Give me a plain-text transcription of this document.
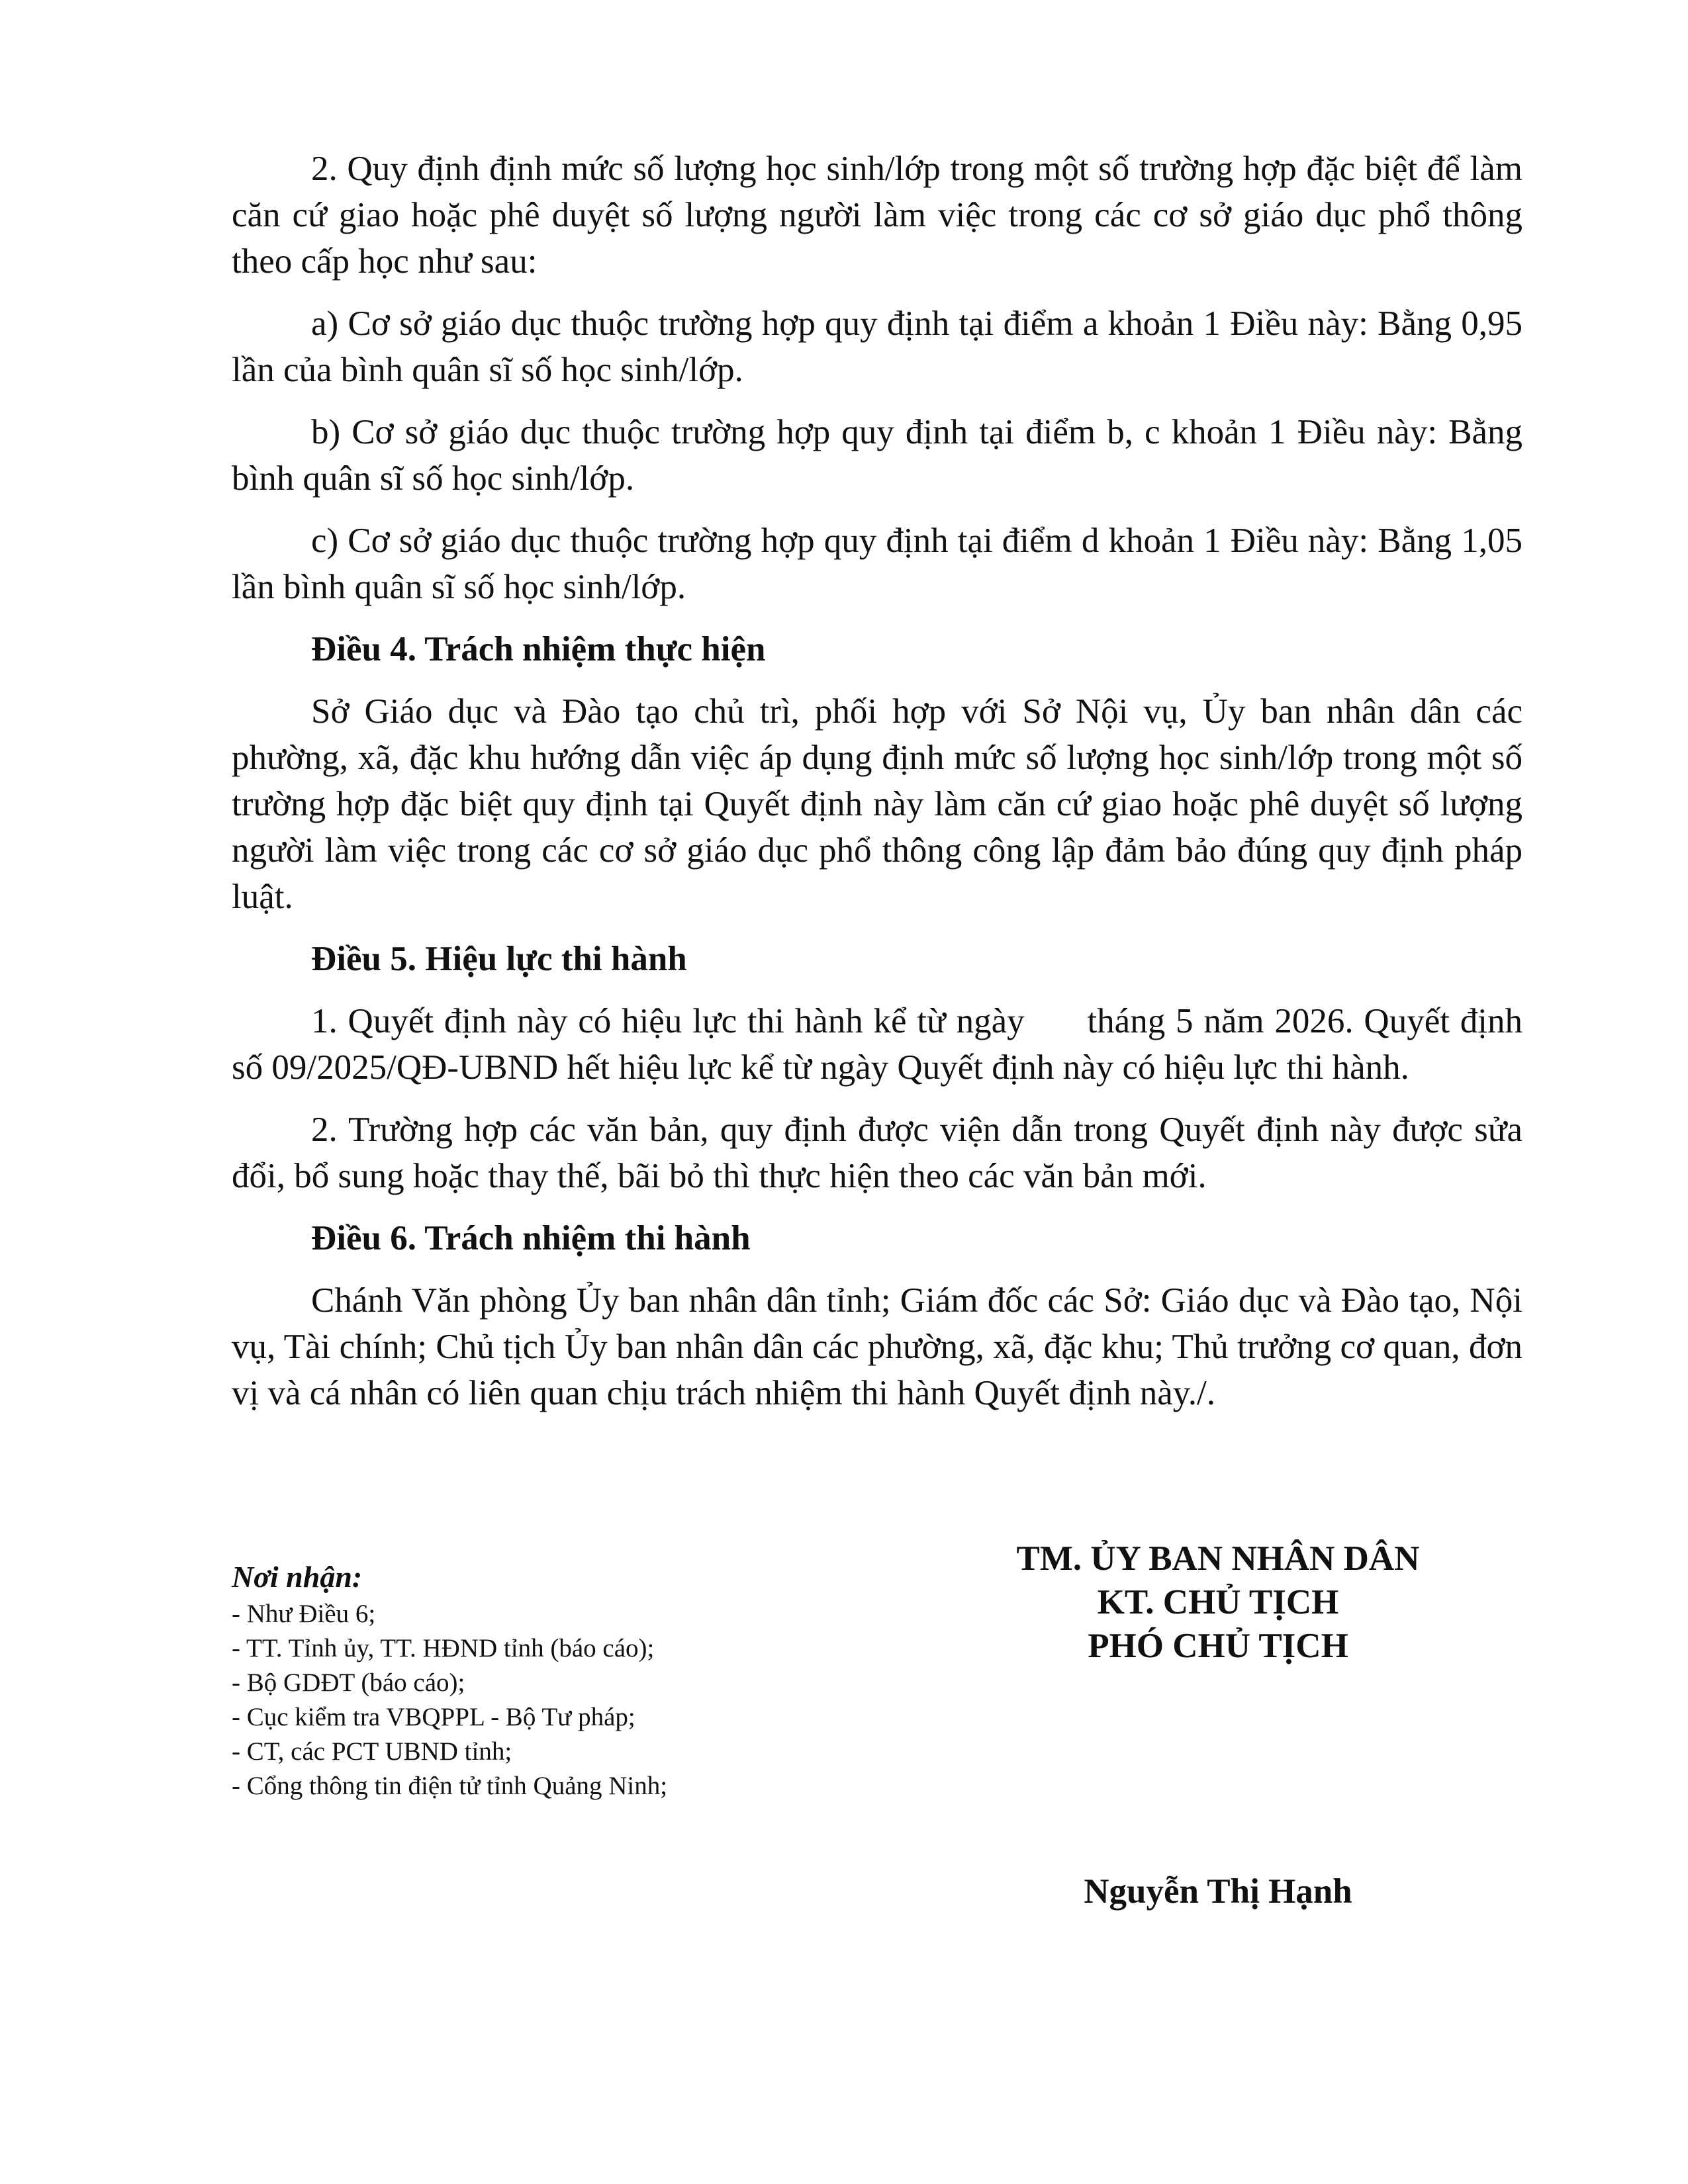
2. Quy định định mức số lượng học sinh/lớp trong một số trường hợp đặc biệt để làm căn cứ giao hoặc phê duyệt số lượng người làm việc trong các cơ sở giáo dục phổ thông theo cấp học như sau:

a) Cơ sở giáo dục thuộc trường hợp quy định tại điểm a khoản 1 Điều này: Bằng 0,95 lần của bình quân sĩ số học sinh/lớp.

b) Cơ sở giáo dục thuộc trường hợp quy định tại điểm b, c khoản 1 Điều này: Bằng bình quân sĩ số học sinh/lớp.

c) Cơ sở giáo dục thuộc trường hợp quy định tại điểm d khoản 1 Điều này: Bằng 1,05 lần bình quân sĩ số học sinh/lớp.

Điều 4. Trách nhiệm thực hiện

Sở Giáo dục và Đào tạo chủ trì, phối hợp với Sở Nội vụ, Ủy ban nhân dân các phường, xã, đặc khu hướng dẫn việc áp dụng định mức số lượng học sinh/lớp trong một số trường hợp đặc biệt quy định tại Quyết định này làm căn cứ giao hoặc phê duyệt số lượng người làm việc trong các cơ sở giáo dục phổ thông công lập đảm bảo đúng quy định pháp luật.

Điều 5. Hiệu lực thi hành

1. Quyết định này có hiệu lực thi hành kể từ ngày      tháng 5 năm 2026. Quyết định số 09/2025/QĐ-UBND hết hiệu lực kể từ ngày Quyết định này có hiệu lực thi hành.

2. Trường hợp các văn bản, quy định được viện dẫn trong Quyết định này được sửa đổi, bổ sung hoặc thay thế, bãi bỏ thì thực hiện theo các văn bản mới.

Điều 6. Trách nhiệm thi hành

Chánh Văn phòng Ủy ban nhân dân tỉnh; Giám đốc các Sở: Giáo dục và Đào tạo, Nội vụ, Tài chính; Chủ tịch Ủy ban nhân dân các phường, xã, đặc khu; Thủ trưởng cơ quan, đơn vị và cá nhân có liên quan chịu trách nhiệm thi hành Quyết định này./.

Nơi nhận:
- Như Điều 6;
- TT. Tỉnh ủy, TT. HĐND tỉnh (báo cáo);
- Bộ GDĐT (báo cáo);
- Cục kiểm tra VBQPPL - Bộ Tư pháp;
- CT, các PCT UBND tỉnh;
- Cổng thông tin điện tử tỉnh Quảng Ninh;
TM. ỦY BAN NHÂN DÂN
KT. CHỦ TỊCH
PHÓ CHỦ TỊCH
Nguyễn Thị Hạnh
